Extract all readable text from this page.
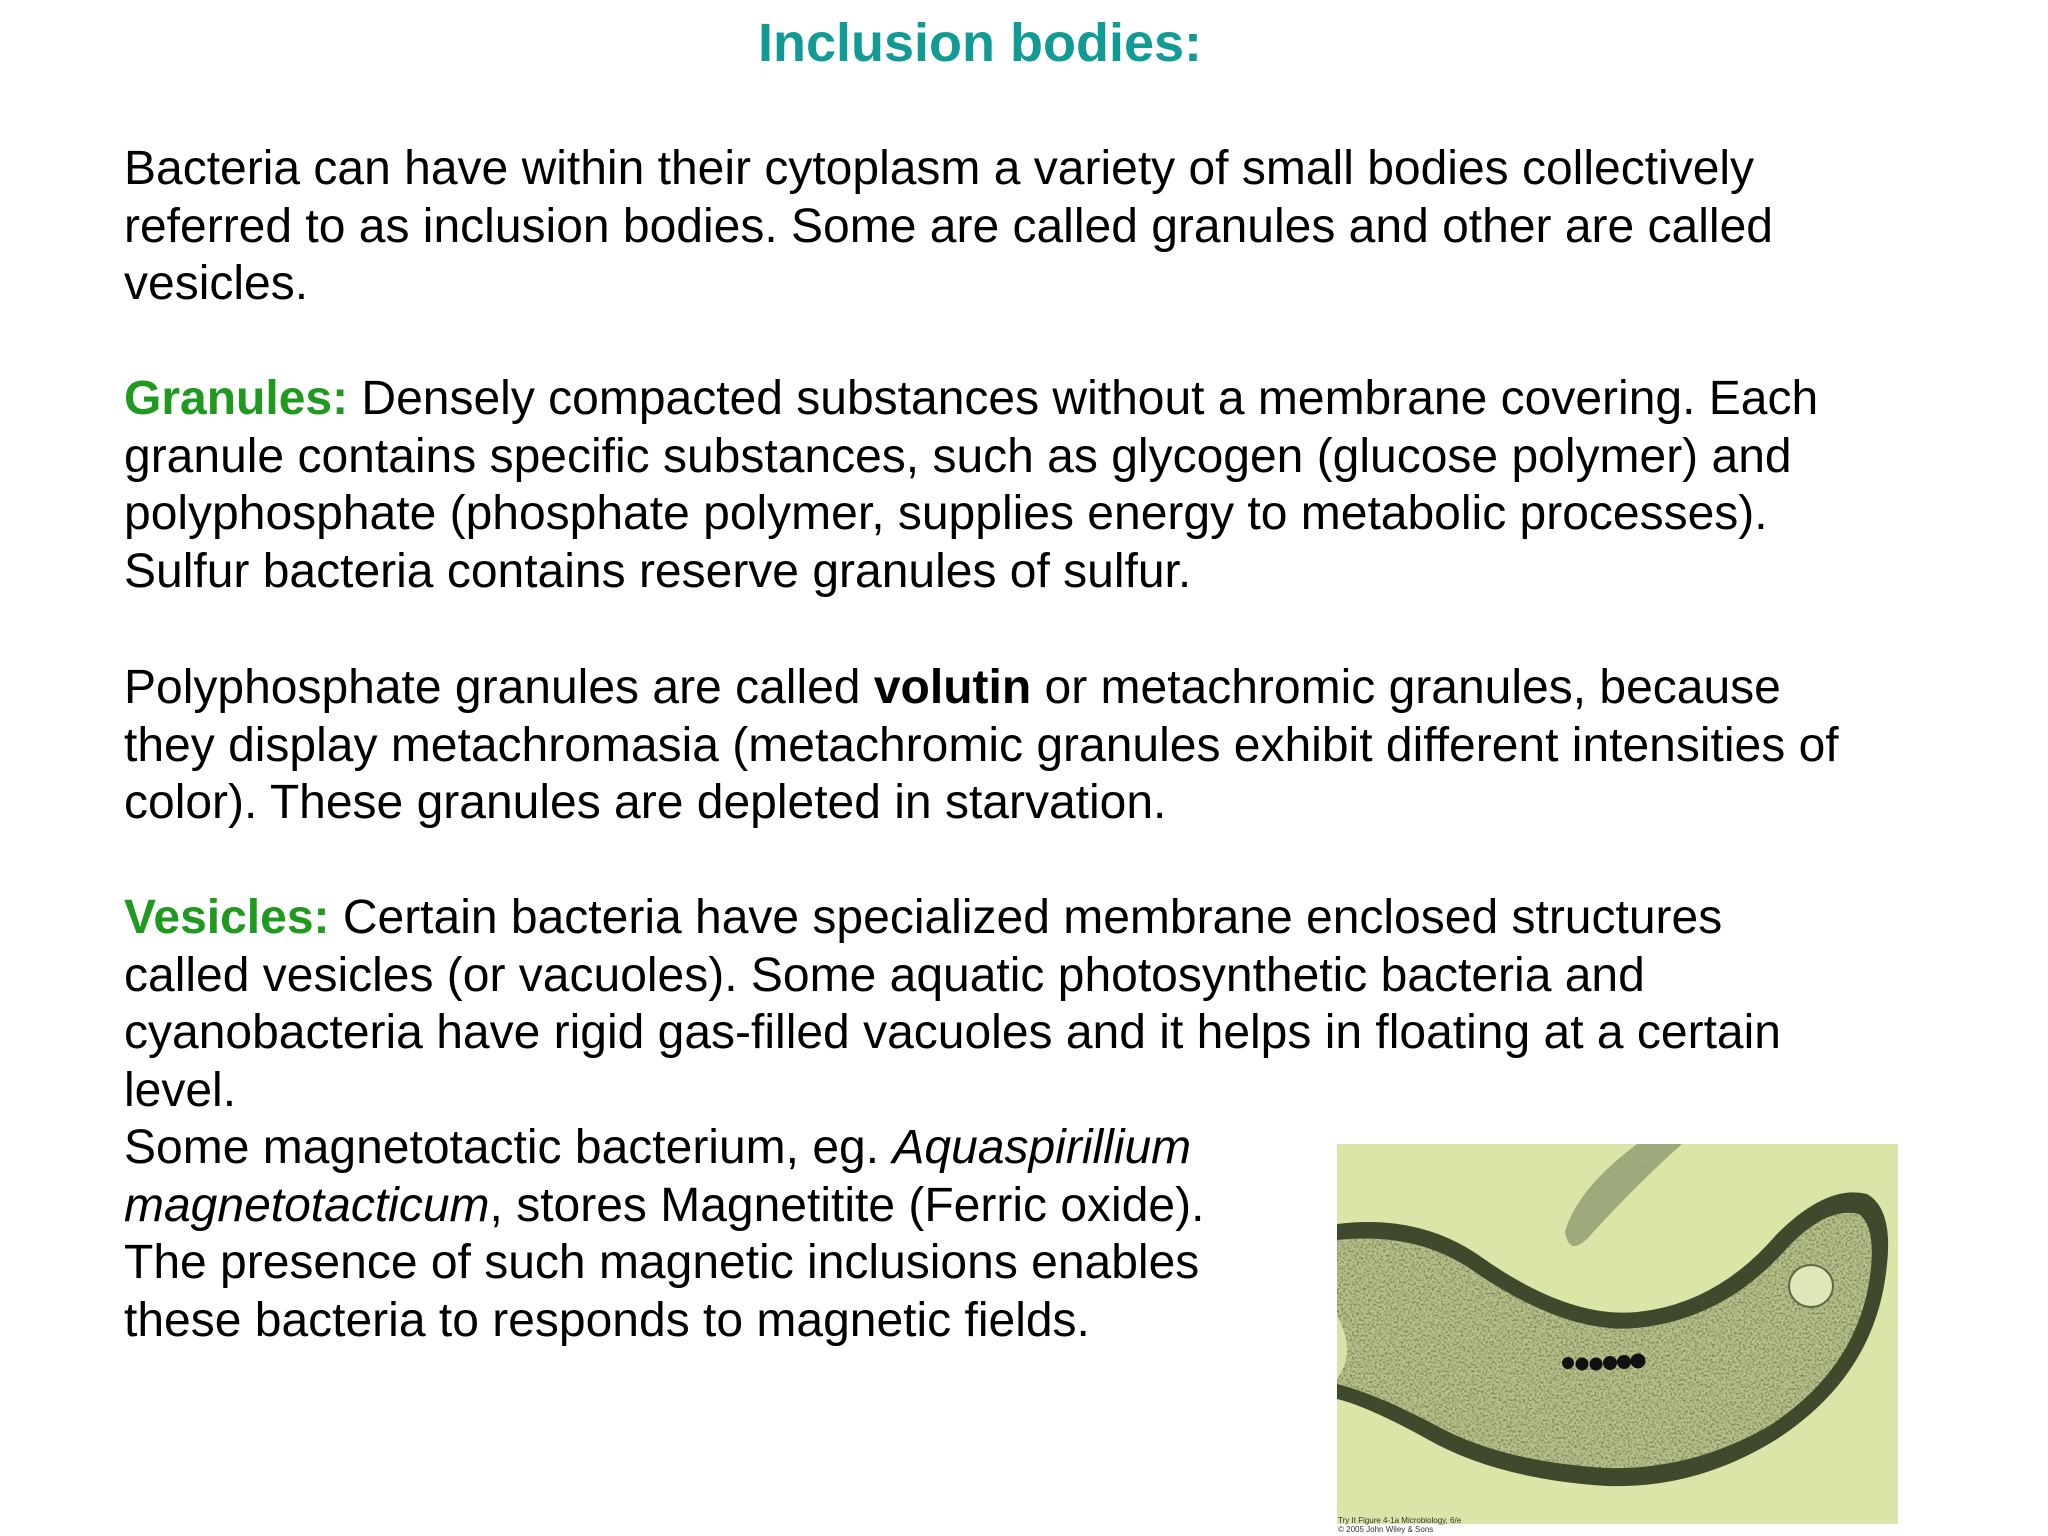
Inclusion bodies:
Bacteria can have within their cytoplasm a variety of small bodies collectively
referred to as inclusion bodies. Some are called granules and other are called
vesicles.
Granules: Densely compacted substances without a membrane covering. Each
granule contains specific substances, such as glycogen (glucose polymer) and
polyphosphate (phosphate polymer, supplies energy to metabolic processes).
Sulfur bacteria contains reserve granules of sulfur.
Polyphosphate granules are called volutin or metachromic granules, because
they display metachromasia (metachromic granules exhibit different intensities of
color). These granules are depleted in starvation.
Vesicles: Certain bacteria have specialized membrane enclosed structures
called vesicles (or vacuoles). Some aquatic photosynthetic bacteria and
cyanobacteria have rigid gas-filled vacuoles and it helps in floating at a certain
level.
Some magnetotactic bacterium, eg. Aquaspirillium
magnetotacticum, stores Magnetitite (Ferric oxide).
The presence of such magnetic inclusions enables
these bacteria to responds to magnetic fields.
Try It Figure 4-1a Microbiology, 6/e
© 2005 John Wiley & Sons
